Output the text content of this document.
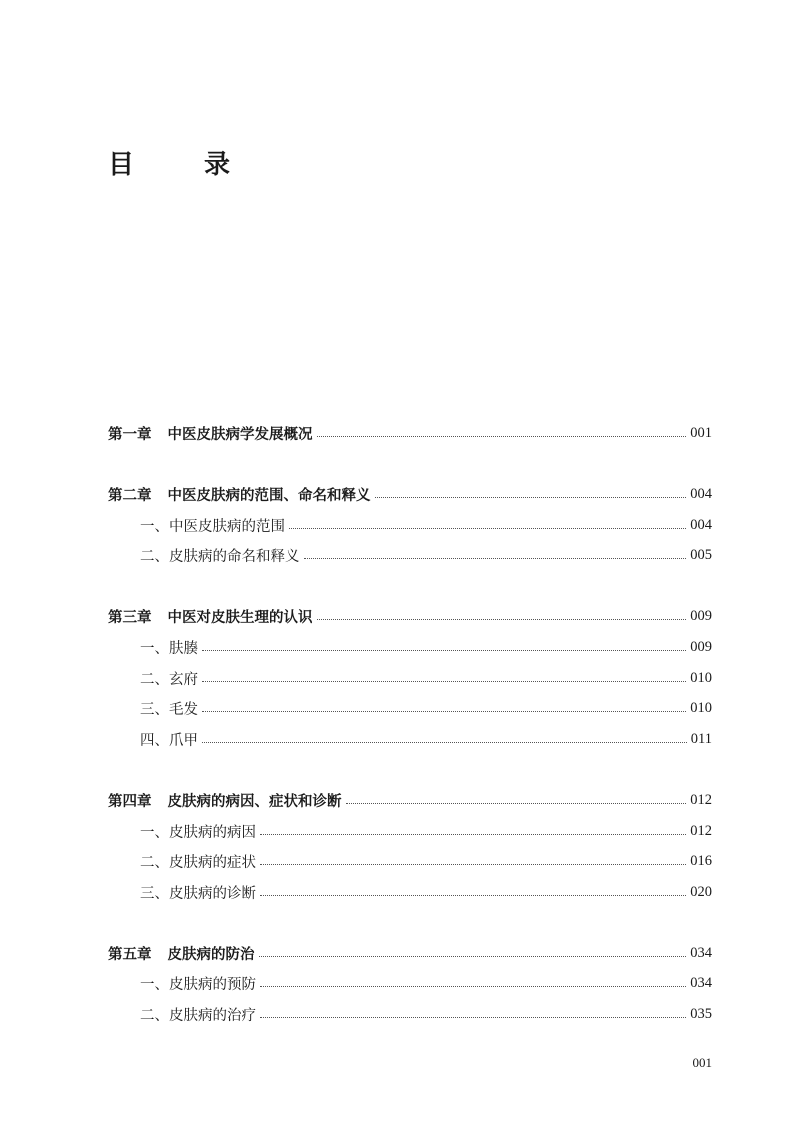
目　录
第一章 中医皮肤病学发展概况	001
第二章 中医皮肤病的范围、命名和释义	004
一、中医皮肤病的范围	004
二、皮肤病的命名和释义	005
第三章 中医对皮肤生理的认识	009
一、肤腠	009
二、玄府	010
三、毛发	010
四、爪甲	011
第四章 皮肤病的病因、症状和诊断	012
一、皮肤病的病因	012
二、皮肤病的症状	016
三、皮肤病的诊断	020
第五章 皮肤病的防治	034
一、皮肤病的预防	034
二、皮肤病的治疗	035
001
